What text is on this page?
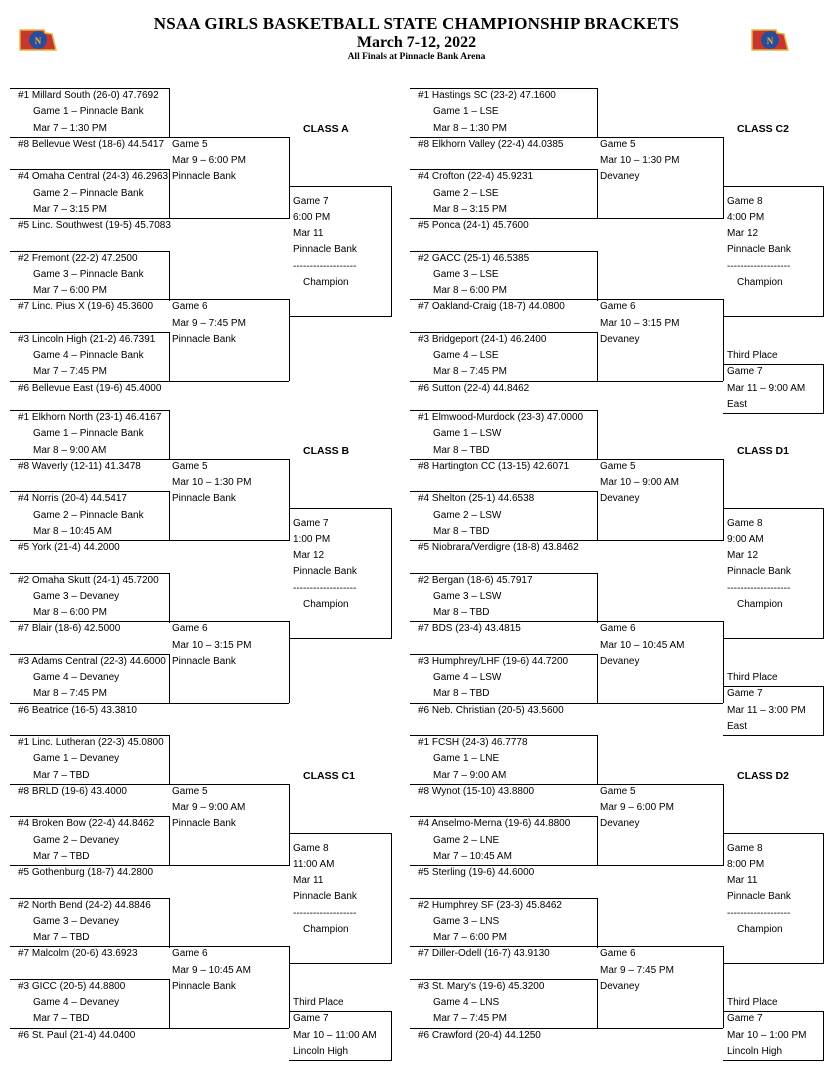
NSAA GIRLS BASKETBALL STATE CHAMPIONSHIP BRACKETS
March 7-12, 2022
All Finals at Pinnacle Bank Arena
N	N
#1 Millard South (26-0) 47.7692
Game 1 – Pinnacle Bank
Mar 7 – 1:30 PM
#8 Bellevue West (18-6) 44.5417
#4 Omaha Central (24-3) 46.2963
Game 2 – Pinnacle Bank
Mar 7 – 3:15 PM
#5 Linc. Southwest (19-5) 45.7083
#2 Fremont (22-2) 47.2500
Game 3 – Pinnacle Bank
Mar 7 – 6:00 PM
#7 Linc. Pius X (19-6) 45.3600
#3 Lincoln High (21-2) 46.7391
Game 4 – Pinnacle Bank
Mar 7 – 7:45 PM
#6 Bellevue East (19-6) 45.4000
Game 5
Mar 9 – 6:00 PM
Pinnacle Bank
Game 6
Mar 9 – 7:45 PM
Pinnacle Bank
Game 7
6:00 PM
Mar 11
Pinnacle Bank
-------------------
Champion
CLASS A
#1 Elkhorn North (23-1) 46.4167
Game 1 – Pinnacle Bank
Mar 8 – 9:00 AM
#8 Waverly (12-11) 41.3478
#4 Norris (20-4) 44.5417
Game 2 – Pinnacle Bank
Mar 8 – 10:45 AM
#5 York (21-4) 44.2000
#2 Omaha Skutt (24-1) 45.7200
Game 3 – Devaney
Mar 8 – 6:00 PM
#7 Blair (18-6) 42.5000
#3 Adams Central (22-3) 44.6000
Game 4 – Devaney
Mar 8 – 7:45 PM
#6 Beatrice (16-5) 43.3810
Game 5
Mar 10 – 1:30 PM
Pinnacle Bank
Game 6
Mar 10 – 3:15 PM
Pinnacle Bank
Game 7
1:00 PM
Mar 12
Pinnacle Bank
-------------------
Champion
CLASS B
#1 Linc. Lutheran (22-3) 45.0800
Game 1 – Devaney
Mar 7 – TBD
#8 BRLD (19-6) 43.4000
#4 Broken Bow (22-4) 44.8462
Game 2 – Devaney
Mar 7 – TBD
#5 Gothenburg (18-7) 44.2800
#2 North Bend (24-2) 44.8846
Game 3 – Devaney
Mar 7 – TBD
#7 Malcolm (20-6) 43.6923
#3 GICC (20-5) 44.8800
Game 4 – Devaney
Mar 7 – TBD
#6 St. Paul (21-4) 44.0400
Game 5
Mar 9 – 9:00 AM
Pinnacle Bank
Game 6
Mar 9 – 10:45 AM
Pinnacle Bank
Game 8
11:00 AM
Mar 11
Pinnacle Bank
-------------------
Champion
CLASS C1
Third Place
Game 7
Mar 10 – 11:00 AM
Lincoln High
#1 Hastings SC (23-2) 47.1600
Game 1 – LSE
Mar 8 – 1:30 PM
#8 Elkhorn Valley (22-4) 44.0385
#4 Crofton (22-4) 45.9231
Game 2 – LSE
Mar 8 – 3:15 PM
#5 Ponca (24-1) 45.7600
#2 GACC (25-1) 46.5385
Game 3 – LSE
Mar 8 – 6:00 PM
#7 Oakland-Craig (18-7) 44.0800
#3 Bridgeport (24-1) 46.2400
Game 4 – LSE
Mar 8 – 7:45 PM
#6 Sutton (22-4) 44.8462
Game 5
Mar 10 – 1:30 PM
Devaney
Game 6
Mar 10 – 3:15 PM
Devaney
Game 8
4:00 PM
Mar 12
Pinnacle Bank
-------------------
Champion
CLASS C2
Third Place
Game 7
Mar 11 – 9:00 AM
East
#1 Elmwood-Murdock (23-3) 47.0000
Game 1 – LSW
Mar 8 – TBD
#8 Hartington CC (13-15) 42.6071
#4 Shelton (25-1) 44.6538
Game 2 – LSW
Mar 8 – TBD
#5 Niobrara/Verdigre (18-8) 43.8462
#2 Bergan (18-6) 45.7917
Game 3 – LSW
Mar 8 – TBD
#7 BDS (23-4) 43.4815
#3 Humphrey/LHF (19-6) 44.7200
Game 4 – LSW
Mar 8 – TBD
#6 Neb. Christian (20-5) 43.5600
Game 5
Mar 10 – 9:00 AM
Devaney
Game 6
Mar 10 – 10:45 AM
Devaney
Game 8
9:00 AM
Mar 12
Pinnacle Bank
-------------------
Champion
CLASS D1
Third Place
Game 7
Mar 11 – 3:00 PM
East
#1 FCSH (24-3) 46.7778
Game 1 – LNE
Mar 7 – 9:00 AM
#8 Wynot (15-10) 43.8800
#4 Anselmo-Merna (19-6) 44.8800
Game 2 – LNE
Mar 7 – 10:45 AM
#5 Sterling (19-6) 44.6000
#2 Humphrey SF (23-3) 45.8462
Game 3 – LNS
Mar 7 – 6:00 PM
#7 Diller-Odell (16-7) 43.9130
#3 St. Mary's (19-6) 45.3200
Game 4 – LNS
Mar 7 – 7:45 PM
#6 Crawford (20-4) 44.1250
Game 5
Mar 9 – 6:00 PM
Devaney
Game 6
Mar 9 – 7:45 PM
Devaney
Game 8
8:00 PM
Mar 11
Pinnacle Bank
-------------------
Champion
CLASS D2
Third Place
Game 7
Mar 10 – 1:00 PM
Lincoln High
